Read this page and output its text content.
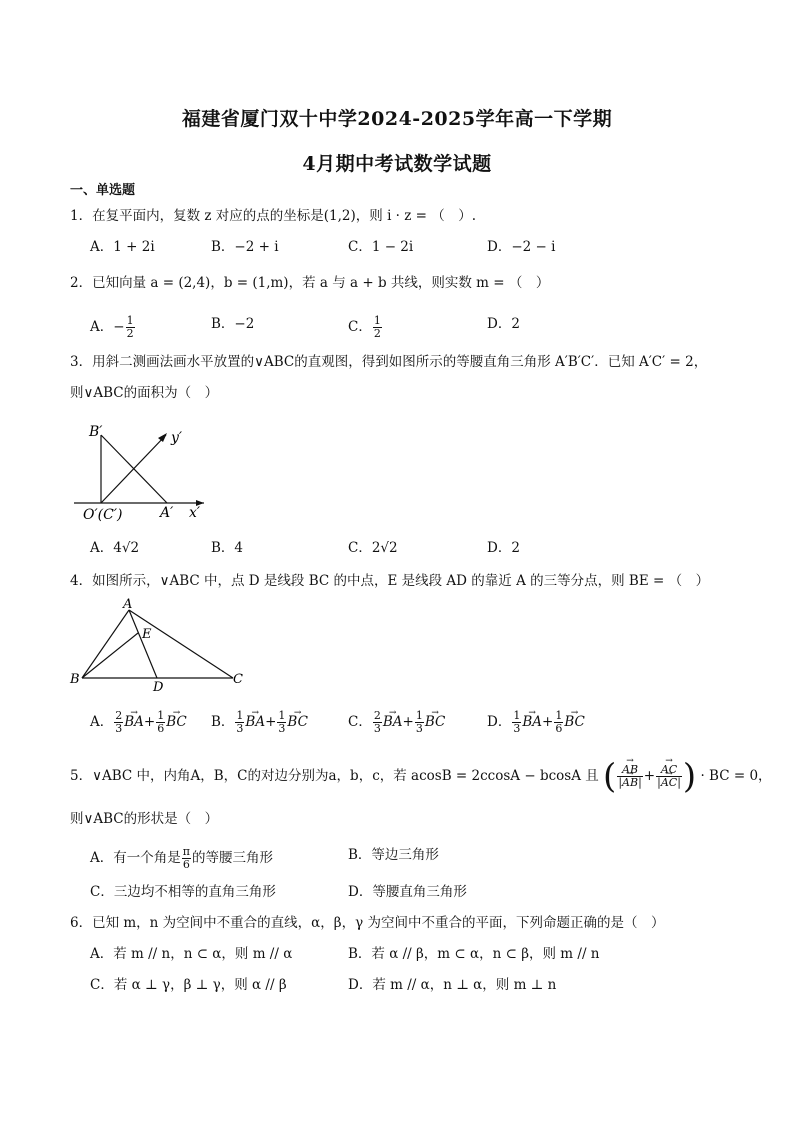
福建省厦门双十中学2024-2025学年高一下学期
4月期中考试数学试题
一、单选题
1．在复平面内，复数 z 对应的点的坐标是(1,2)，则 i · z = （　）.
A．1 + 2i	B．−2 + i	C．1 − 2i	D．−2 − i
2．已知向量 a = (2,4)，b = (1,m)，若 a 与 a + b 共线，则实数 m = （　）
A．− $\frac{1}{2}$	B．−2	C． $\frac{1}{2}$	D．2
3．用斜二测画法画水平放置的∨ABC的直观图，得到如图所示的等腰直角三角形 A′B′C′．已知 A′C′ = 2，
则∨ABC的面积为（　）
B′	y′
O′(C′)	A′ x′
A．4√2	B．4	C．2√2	D．2
4．如图所示，∨ABC 中，点 D 是线段 BC 的中点，E 是线段 AD 的靠近 A 的三等分点，则 BE = （　）
A
E
B
D
C
A． $\frac{2}{3}$
→ $BA+ \frac{1}{6}$
→ BC B． $\frac{1}{3}$
→ $BA+ \frac{1}{3}$
→ BC	C． $\frac{2}{3}$
→ $BA+ \frac{1}{3}$
→ BC	D． $\frac{1}{3}$
→ $BA+ \frac{1}{6}$
→ BC
5．∨ABC 中，内角A，B，C的对边分别为a，b，c，若 acosB = 2ccosA − bcosA 且 (
→ $\frac{AB}{|\to AB|}$ +
→ $\frac{AC}{|\to AC|}$ ) · BC = 0，
则∨ABC的形状是（　）
A．有一个角是 $\frac{\pi}{6}$ 的等腰三角形	B．等边三角形
C．三边均不相等的直角三角形	D．等腰直角三角形
6．已知 m，n 为空间中不重合的直线，α，β，γ 为空间中不重合的平面，下列命题正确的是（　）
A．若 m // n，n ⊂ α，则 m // α	B．若 α // β，m ⊂ α，n ⊂ β，则 m // n
C．若 α ⊥ γ，β ⊥ γ，则 α // β	D．若 m // α，n ⊥ α，则 m ⊥ n
